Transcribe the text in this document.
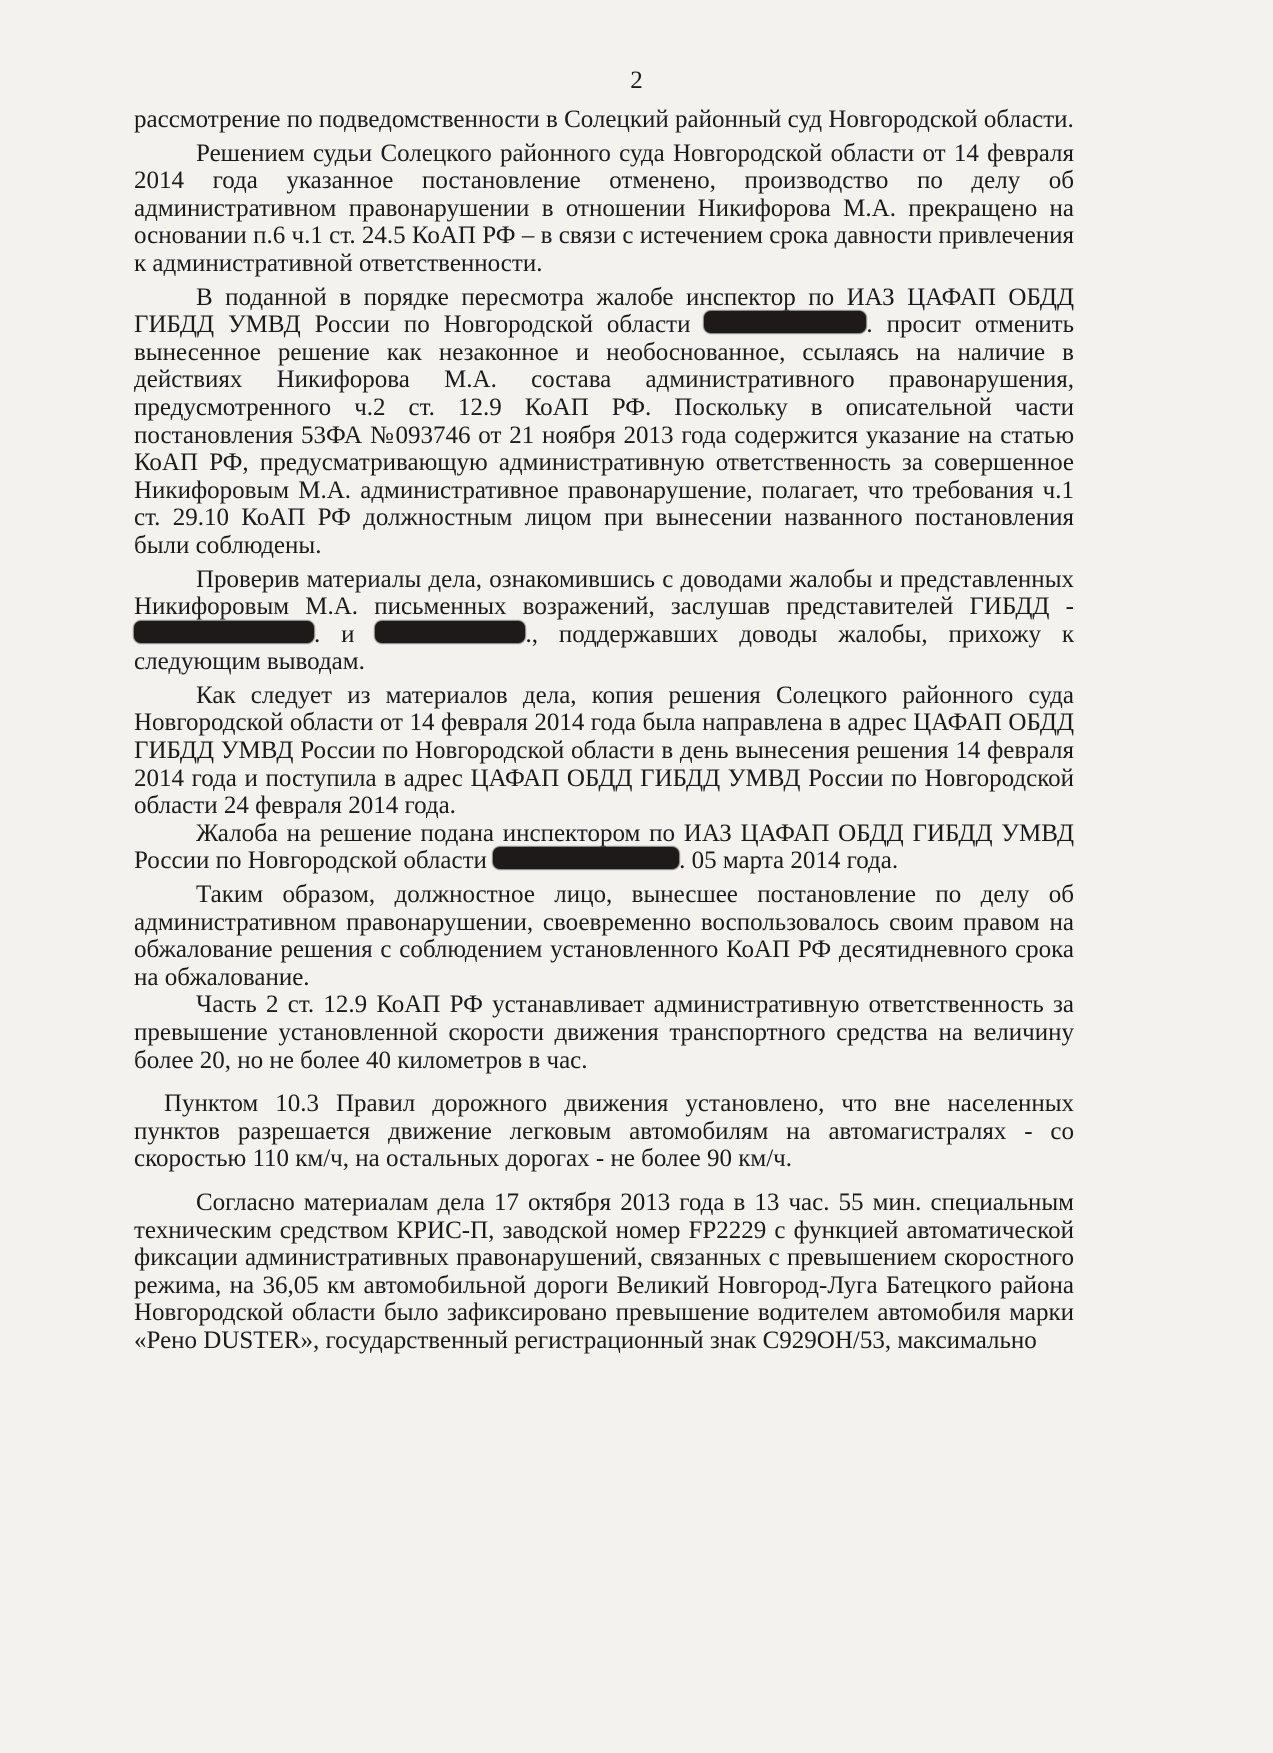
2

рассмотрение по подведомственности в Солецкий районный суд Новгородской области.

Решением судьи Солецкого районного суда Новгородской области от 14 февраля 2014 года указанное постановление отменено, производство по делу об административном правонарушении в отношении Никифорова М.А. прекращено на основании п.6 ч.1 ст. 24.5 КоАП РФ – в связи с истечением срока давности привлечения к административной ответственности.

В поданной в порядке пересмотра жалобе инспектор по ИАЗ ЦАФАП ОБДД ГИБДД УМВД России по Новгородской области	. просит отменить вынесенное решение как незаконное и необоснованное, ссылаясь на наличие в действиях Никифорова М.А. состава административного правонарушения, предусмотренного ч.2 ст. 12.9 КоАП РФ. Поскольку в описательной части постановления 53ФА №093746 от 21 ноября 2013 года содержится указание на статью КоАП РФ, предусматривающую административную ответственность за совершенное Никифоровым М.А. административное правонарушение, полагает, что требования ч.1 ст. 29.10 КоАП РФ должностным лицом при вынесении названного постановления были соблюдены.

Проверив материалы дела, ознакомившись с доводами жалобы и представленных Никифоровым М.А. письменных возражений, заслушав представителей ГИБДД - . и	., поддержавших доводы жалобы, прихожу к следующим выводам.

Как следует из материалов дела, копия решения Солецкого районного суда Новгородской области от 14 февраля 2014 года была направлена в адрес ЦАФАП ОБДД ГИБДД УМВД России по Новгородской области в день вынесения решения 14 февраля 2014 года и поступила в адрес ЦАФАП ОБДД ГИБДД УМВД России по Новгородской области 24 февраля 2014 года.

Жалоба на решение подана инспектором по ИАЗ ЦАФАП ОБДД ГИБДД УМВД России по Новгородской области	. 05 марта 2014 года.

Таким образом, должностное лицо, вынесшее постановление по делу об административном правонарушении, своевременно воспользовалось своим правом на обжалование решения с соблюдением установленного КоАП РФ десятидневного срока на обжалование.

Часть 2 ст. 12.9 КоАП РФ устанавливает административную ответственность за превышение установленной скорости движения транспортного средства на величину более 20, но не более 40 километров в час.

Пунктом 10.3 Правил дорожного движения установлено, что вне населенных пунктов разрешается движение легковым автомобилям на автомагистралях - со скоростью 110 км/ч, на остальных дорогах - не более 90 км/ч.

Согласно материалам дела 17 октября 2013 года в 13 час. 55 мин. специальным техническим средством КРИС-П, заводской номер FP2229 с функцией автоматической фиксации административных правонарушений, связанных с превышением скоростного режима, на 36,05 км автомобильной дороги Великий Новгород-Луга Батецкого района Новгородской области было зафиксировано превышение водителем автомобиля марки «Рено DUSTER», государственный регистрационный знак С929ОН/53, максимально
